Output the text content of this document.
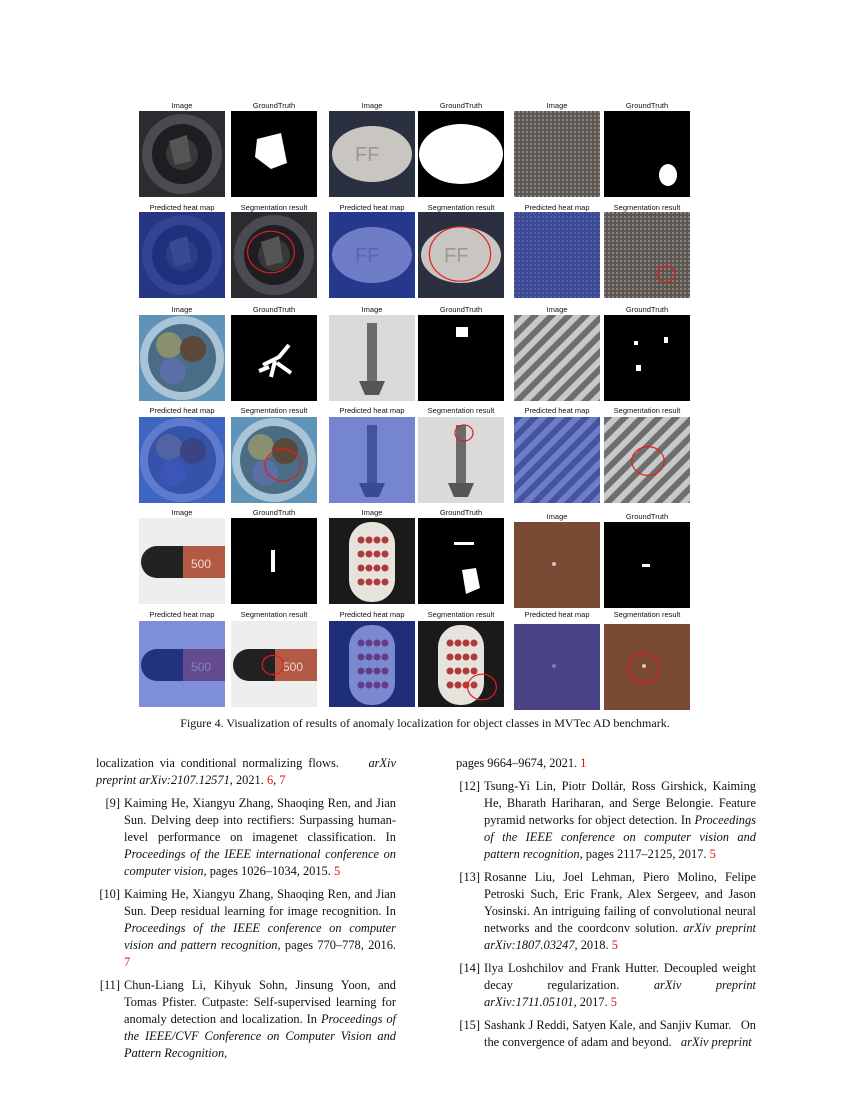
Image	GroundTruth
Predicted heat map	Segmentation result
Image	GroundTruth
Predicted heat map	Segmentation result
FF
FF
Image	GroundTruth
Predicted heat map	Segmentation result
Image	GroundTruth
Predicted heat map	Segmentation result
Image	GroundTruth
Predicted heat map	Segmentation result
Image	GroundTruth
Predicted heat map	Segmentation result
Image	GroundTruth
Predicted heat map	Segmentation result
500
500
Image	GroundTruth
Predicted heat map	Segmentation result
Image	GroundTruth
Predicted heat map	Segmentation result
Figure 4. Visualization of results of anomaly localization for object classes in MVTec AD benchmark.
localization via conditional normalizing flows. arXiv preprint arXiv:2107.12571, 2021. 6, 7
[9] Kaiming He, Xiangyu Zhang, Shaoqing Ren, and Jian Sun. Delving deep into rectifiers: Surpassing human-level performance on imagenet classification. In Proceedings of the IEEE international conference on computer vision, pages 1026–1034, 2015. 5
[10] Kaiming He, Xiangyu Zhang, Shaoqing Ren, and Jian Sun. Deep residual learning for image recognition. In Proceedings of the IEEE conference on computer vision and pattern recognition, pages 770–778, 2016. 7
[11] Chun-Liang Li, Kihyuk Sohn, Jinsung Yoon, and Tomas Pfister. Cutpaste: Self-supervised learning for anomaly detection and localization. In Proceedings of the IEEE/CVF Conference on Computer Vision and Pattern Recognition,
pages 9664–9674, 2021. 1
[12] Tsung-Yi Lin, Piotr Dollár, Ross Girshick, Kaiming He, Bharath Hariharan, and Serge Belongie. Feature pyramid networks for object detection. In Proceedings of the IEEE conference on computer vision and pattern recognition, pages 2117–2125, 2017. 5
[13] Rosanne Liu, Joel Lehman, Piero Molino, Felipe Petroski Such, Eric Frank, Alex Sergeev, and Jason Yosinski. An intriguing failing of convolutional neural networks and the coordconv solution. arXiv preprint arXiv:1807.03247, 2018. 5
[14] Ilya Loshchilov and Frank Hutter. Decoupled weight decay regularization.	arXiv preprint arXiv:1711.05101, 2017. 5
[15] Sashank J Reddi, Satyen Kale, and Sanjiv Kumar. On the convergence of adam and beyond. arXiv preprint
